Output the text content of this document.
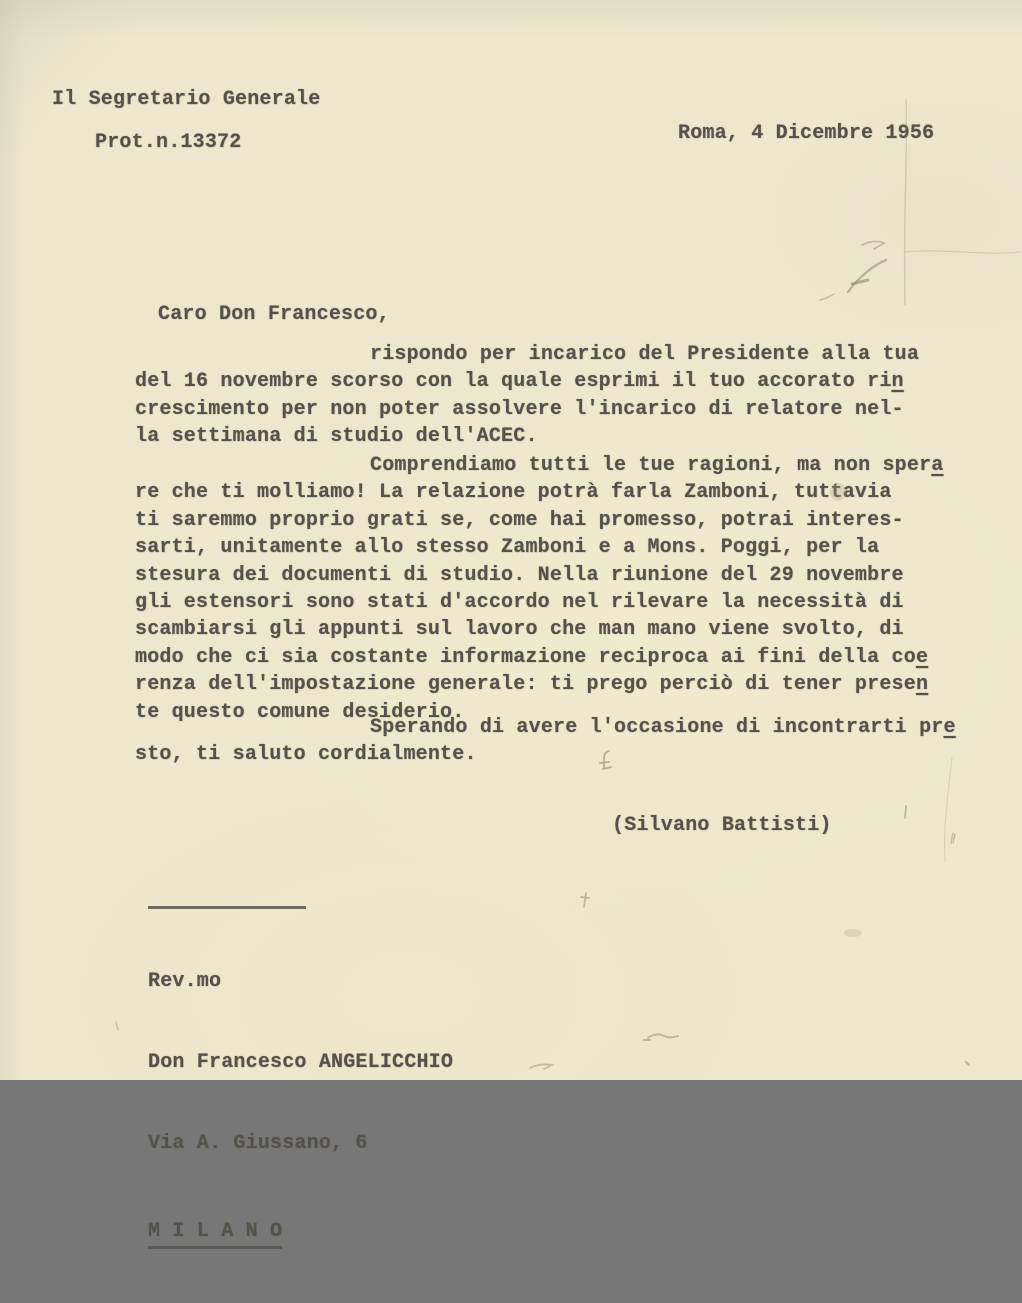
Il Segretario Generale
Prot.n.13372	Roma, 4 Dicembre 1956
Caro Don Francesco,
rispondo per incarico del Presidente alla tua
del 16 novembre scorso con la quale esprimi il tuo accorato rin
crescimento per non poter assolvere l'incarico di relatore nel-
la settimana di studio dell'ACEC.
Comprendiamo tutti le tue ragioni, ma non spera
re che ti molliamo! La relazione potrà farla Zamboni, tuttavia
ti saremmo proprio grati se, come hai promesso, potrai interes-
sarti, unitamente allo stesso Zamboni e a Mons. Poggi, per la
stesura dei documenti di studio. Nella riunione del 29 novembre
gli estensori sono stati d'accordo nel rilevare la necessità di
scambiarsi gli appunti sul lavoro che man mano viene svolto, di
modo che ci sia costante informazione reciproca ai fini della coe
renza dell'impostazione generale: ti prego perciò di tener presen
te questo comune desiderio.
Sperando di avere l'occasione di incontrarti pre
sto, ti saluto cordialmente.
(Silvano Battisti)

Rev.mo

Don Francesco ANGELICCHIO

Via A. Giussano, 6

M I L A N O
